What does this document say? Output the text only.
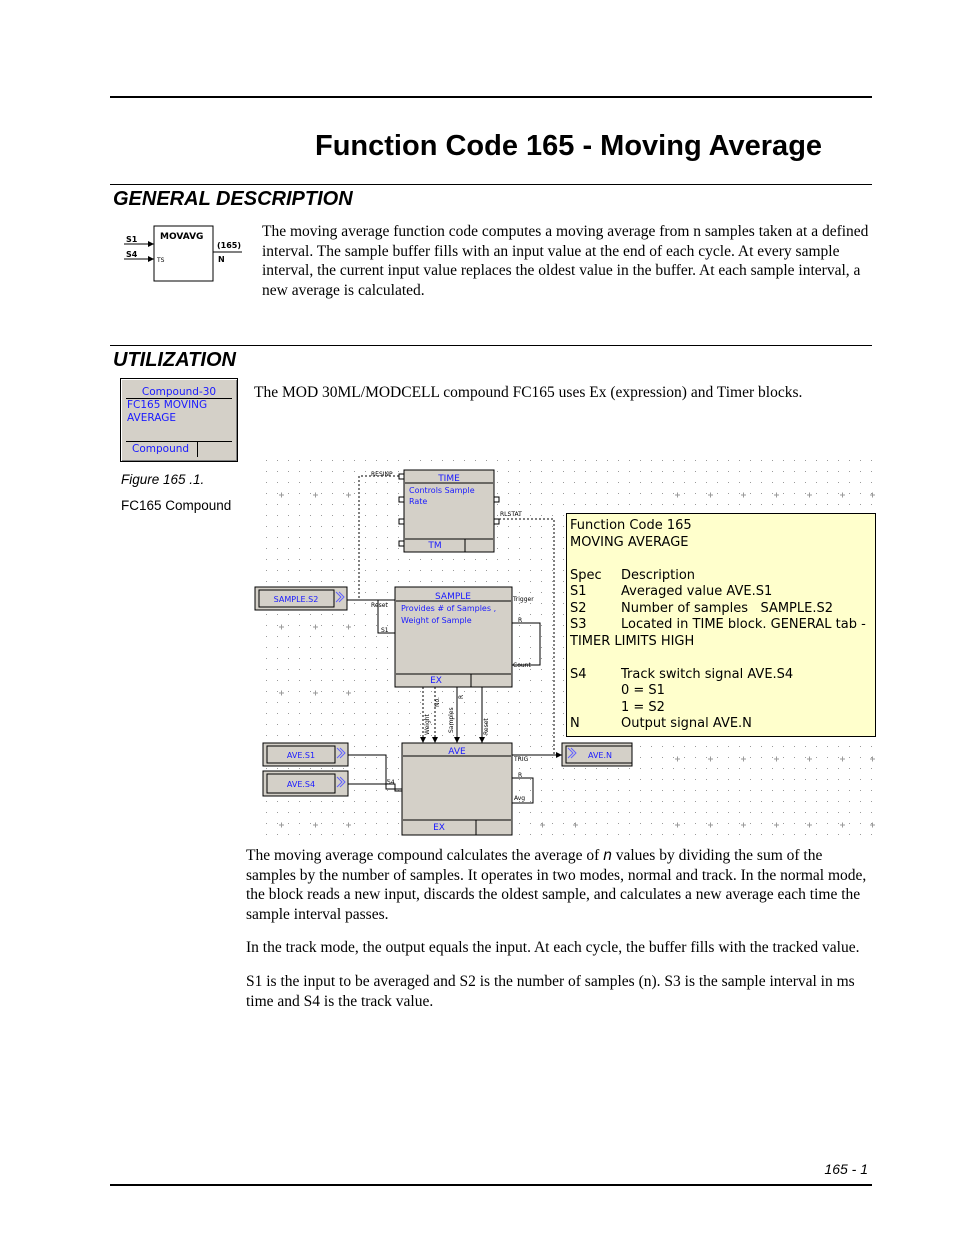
Function Code 165 - Moving Average
GENERAL DESCRIPTION
MOVAVG
S1
S4
TS
(165)
N
The moving average function code computes a moving average from n samples taken at a defined interval. The sample buffer fills with an input value at the end of each cycle. At every sample interval, the current input value replaces the oldest value in the buffer. At each sample interval, a new average is calculated.
UTILIZATION
Compound-30
FC165 MOVING
AVERAGE
Compound
The MOD 30ML/MODCELL compound FC165 uses Ex (expression) and Timer blocks.
Figure 165 .1.
FC165 Compound
TIME
Controls Sample
Rate
TM
RESINP
RLSTAT
SAMPLE
Provides # of Samples ,
Weight of Sample
EX
Reset
S1
Trigger
R
Count
SAMPLE.S2
Weight
No.
Samples
R
Reset
AVE
EX
TRIG
R
Avg
S4
AVE.S1
AVE.S4
AVE.N
Function Code 165
MOVING AVERAGE
Spec	Description
S1	Averaged value AVE.S1
S2	Number of samples   SAMPLE.S2
S3	Located in TIME block. GENERAL tab -
TIMER LIMITS HIGH
S4	Track switch signal AVE.S4
0 = S1
1 = S2
N	Output signal AVE.N

The moving average compound calculates the average of n values by dividing the sum of the samples by the number of samples. It operates in two modes, normal and track. In the normal mode, the block reads a new input, discards the oldest sample, and calculates a new average each time the sample interval passes.

In the track mode, the output equals the input. At each cycle, the buffer fills with the tracked value.

S1 is the input to be averaged and S2 is the number of samples (n). S3 is the sample interval in ms time and S4 is the track value.

165 - 1
